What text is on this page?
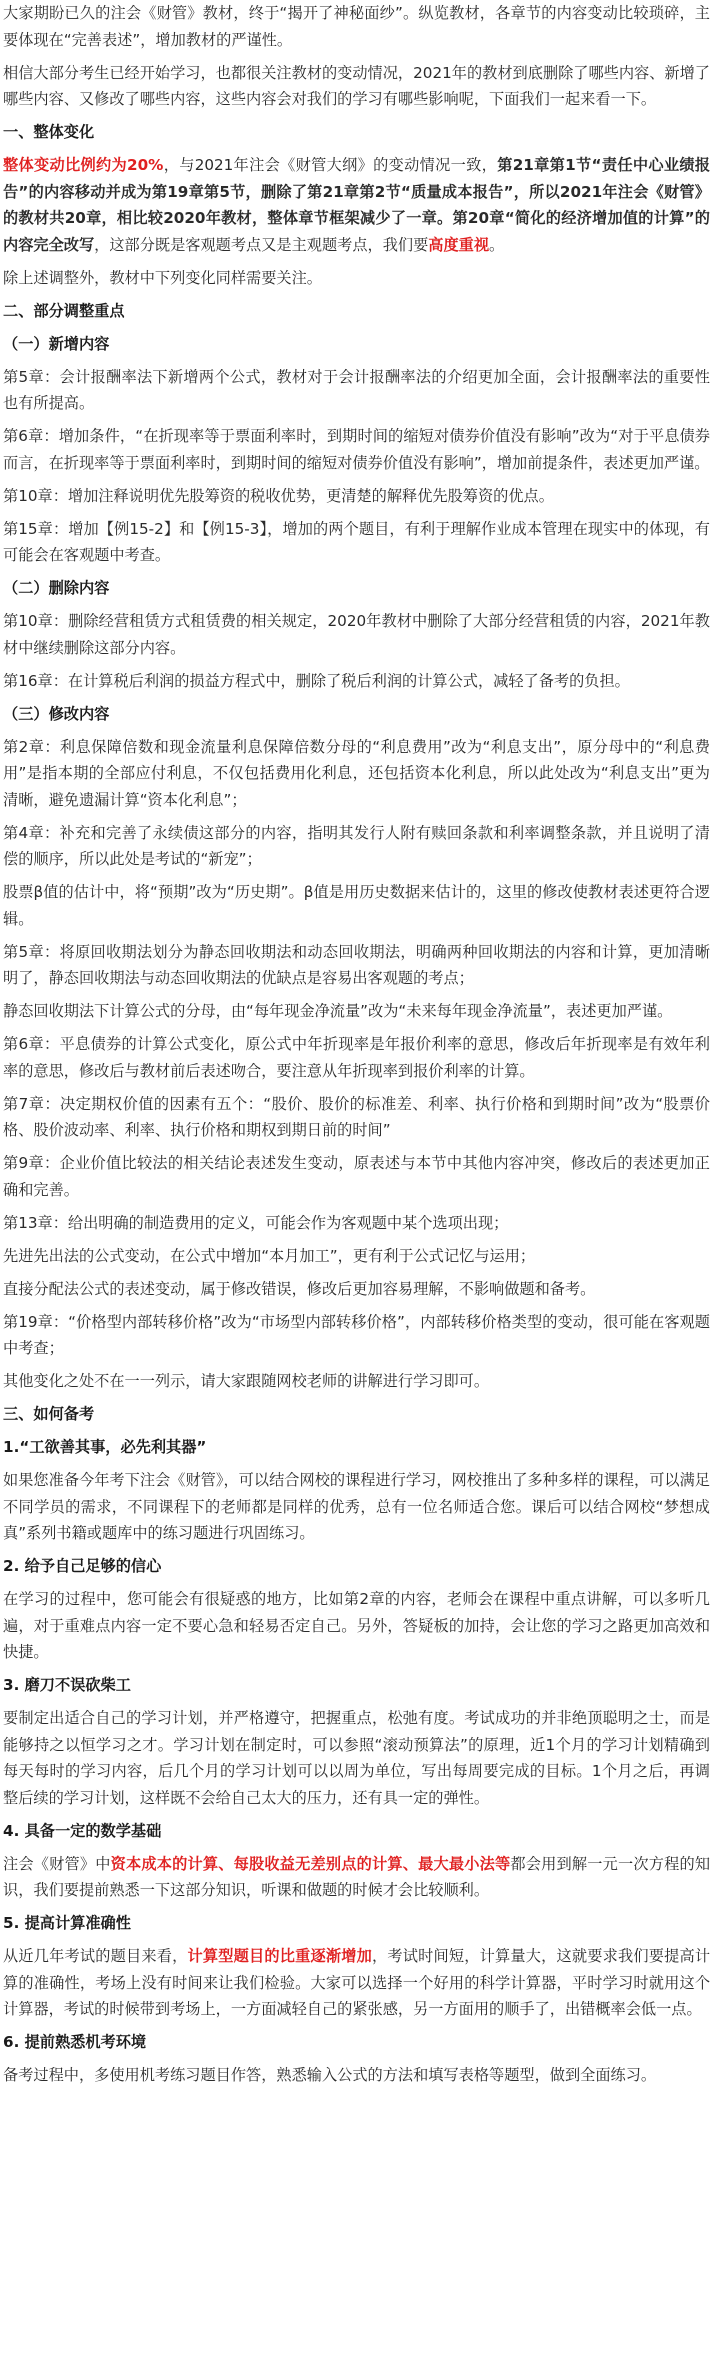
大家期盼已久的注会《财管》教材，终于“揭开了神秘面纱”。纵览教材，各章节的内容变动比较琐碎，主要体现在“完善表述”，增加教材的严谨性。
相信大部分考生已经开始学习，也都很关注教材的变动情况，2021年的教材到底删除了哪些内容、新增了哪些内容、又修改了哪些内容，这些内容会对我们的学习有哪些影响呢，下面我们一起来看一下。
一、整体变化
整体变动比例约为20%，与2021年注会《财管大纲》的变动情况一致，第21章第1节“责任中心业绩报告”的内容移动并成为第19章第5节，删除了第21章第2节“质量成本报告”，所以2021年注会《财管》的教材共20章，相比较2020年教材，整体章节框架减少了一章。第20章“简化的经济增加值的计算”的内容完全改写，这部分既是客观题考点又是主观题考点，我们要高度重视。
除上述调整外，教材中下列变化同样需要关注。
二、部分调整重点
（一）新增内容
第5章：会计报酬率法下新增两个公式，教材对于会计报酬率法的介绍更加全面，会计报酬率法的重要性也有所提高。
第6章：增加条件，“在折现率等于票面利率时，到期时间的缩短对债券价值没有影响”改为“对于平息债券而言，在折现率等于票面利率时，到期时间的缩短对债券价值没有影响”，增加前提条件，表述更加严谨。
第10章：增加注释说明优先股筹资的税收优势，更清楚的解释优先股筹资的优点。
第15章：增加【例15-2】和【例15-3】，增加的两个题目，有利于理解作业成本管理在现实中的体现，有可能会在客观题中考查。
（二）删除内容
第10章：删除经营租赁方式租赁费的相关规定，2020年教材中删除了大部分经营租赁的内容，2021年教材中继续删除这部分内容。
第16章：在计算税后利润的损益方程式中，删除了税后利润的计算公式，减轻了备考的负担。
（三）修改内容
第2章：利息保障倍数和现金流量利息保障倍数分母的“利息费用”改为“利息支出”，原分母中的“利息费用”是指本期的全部应付利息，不仅包括费用化利息，还包括资本化利息，所以此处改为“利息支出”更为清晰，避免遗漏计算“资本化利息”；
第4章：补充和完善了永续债这部分的内容，指明其发行人附有赎回条款和利率调整条款，并且说明了清偿的顺序，所以此处是考试的“新宠”；
股票β值的估计中，将“预期”改为“历史期”。β值是用历史数据来估计的，这里的修改使教材表述更符合逻辑。
第5章：将原回收期法划分为静态回收期法和动态回收期法，明确两种回收期法的内容和计算，更加清晰明了，静态回收期法与动态回收期法的优缺点是容易出客观题的考点；
静态回收期法下计算公式的分母，由“每年现金净流量”改为“未来每年现金净流量”，表述更加严谨。
第6章：平息债券的计算公式变化，原公式中年折现率是年报价利率的意思，修改后年折现率是有效年利率的意思，修改后与教材前后表述吻合，要注意从年折现率到报价利率的计算。
第7章：决定期权价值的因素有五个：“股价、股价的标准差、利率、执行价格和到期时间”改为“股票价格、股价波动率、利率、执行价格和期权到期日前的时间”
第9章：企业价值比较法的相关结论表述发生变动，原表述与本节中其他内容冲突，修改后的表述更加正确和完善。
第13章：给出明确的制造费用的定义，可能会作为客观题中某个选项出现；
先进先出法的公式变动，在公式中增加“本月加工”，更有利于公式记忆与运用；
直接分配法公式的表述变动，属于修改错误，修改后更加容易理解，不影响做题和备考。
第19章：“价格型内部转移价格”改为“市场型内部转移价格”，内部转移价格类型的变动，很可能在客观题中考查；
其他变化之处不在一一列示，请大家跟随网校老师的讲解进行学习即可。
三、如何备考
1.“工欲善其事，必先利其器”
如果您准备今年考下注会《财管》，可以结合网校的课程进行学习，网校推出了多种多样的课程，可以满足不同学员的需求，不同课程下的老师都是同样的优秀，总有一位名师适合您。课后可以结合网校“梦想成真”系列书籍或题库中的练习题进行巩固练习。
2. 给予自己足够的信心
在学习的过程中，您可能会有很疑惑的地方，比如第2章的内容，老师会在课程中重点讲解，可以多听几遍，对于重难点内容一定不要心急和轻易否定自己。另外，答疑板的加持，会让您的学习之路更加高效和快捷。
3. 磨刀不误砍柴工
要制定出适合自己的学习计划，并严格遵守，把握重点，松弛有度。考试成功的并非绝顶聪明之士，而是能够持之以恒学习之才。学习计划在制定时，可以参照“滚动预算法”的原理，近1个月的学习计划精确到每天每时的学习内容，后几个月的学习计划可以以周为单位，写出每周要完成的目标。1个月之后，再调整后续的学习计划，这样既不会给自己太大的压力，还有具一定的弹性。
4. 具备一定的数学基础
注会《财管》中资本成本的计算、每股收益无差别点的计算、最大最小法等都会用到解一元一次方程的知识，我们要提前熟悉一下这部分知识，听课和做题的时候才会比较顺利。
5. 提高计算准确性
从近几年考试的题目来看，计算型题目的比重逐渐增加，考试时间短，计算量大，这就要求我们要提高计算的准确性，考场上没有时间来让我们检验。大家可以选择一个好用的科学计算器，平时学习时就用这个计算器，考试的时候带到考场上，一方面减轻自己的紧张感，另一方面用的顺手了，出错概率会低一点。
6. 提前熟悉机考环境
备考过程中，多使用机考练习题目作答，熟悉输入公式的方法和填写表格等题型，做到全面练习。
